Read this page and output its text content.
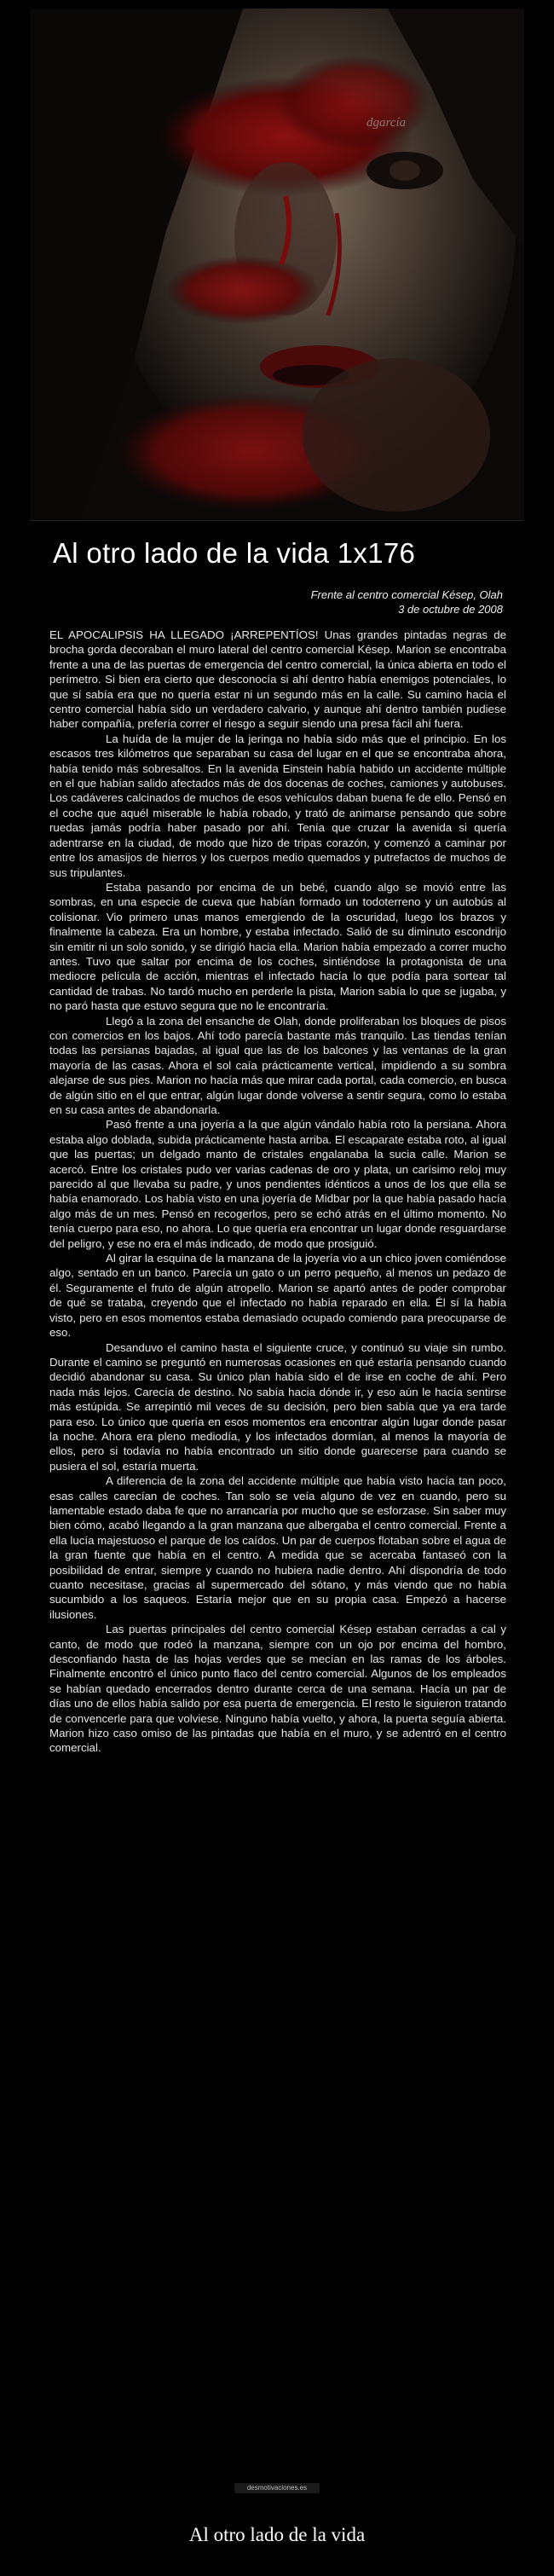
dgarcía
Al otro lado de la vida 1x176
Frente al centro comercial Késep, Olah
3 de octubre de 2008

EL APOCALIPSIS HA LLEGADO ¡ARREPENTÍOS! Unas grandes pintadas negras de brocha gorda decoraban el muro lateral del centro comercial Késep. Marion se encontraba frente a una de las puertas de emergencia del centro comercial, la única abierta en todo el perímetro. Si bien era cierto que desconocía si ahí dentro había enemigos potenciales, lo que sí sabía era que no quería estar ni un segundo más en la calle. Su camino hacia el centro comercial había sido un verdadero calvario, y aunque ahí dentro también pudiese haber compañía, prefería correr el riesgo a seguir siendo una presa fácil ahí fuera.

La huída de la mujer de la jeringa no había sido más que el principio. En los escasos tres kilómetros que separaban su casa del lugar en el que se encontraba ahora, había tenido más sobresaltos. En la avenida Einstein había habido un accidente múltiple en el que habían salido afectados más de dos docenas de coches, camiones y autobuses. Los cadáveres calcinados de muchos de esos vehículos daban buena fe de ello. Pensó en el coche que aquél miserable le había robado, y trató de animarse pensando que sobre ruedas jamás podría haber pasado por ahí. Tenía que cruzar la avenida si quería adentrarse en la ciudad, de modo que hizo de tripas corazón, y comenzó a caminar por entre los amasijos de hierros y los cuerpos medio quemados y putrefactos de muchos de sus tripulantes.

Estaba pasando por encima de un bebé, cuando algo se movió entre las sombras, en una especie de cueva que habían formado un todoterreno y un autobús al colisionar. Vio primero unas manos emergiendo de la oscuridad, luego los brazos y finalmente la cabeza. Era un hombre, y estaba infectado. Salió de su diminuto escondrijo sin emitir ni un solo sonido, y se dirigió hacia ella. Marion había empezado a correr mucho antes. Tuvo que saltar por encima de los coches, sintiéndose la protagonista de una mediocre película de acción, mientras el infectado hacía lo que podía para sortear tal cantidad de trabas. No tardó mucho en perderle la pista, Marion sabía lo que se jugaba, y no paró hasta que estuvo segura que no le encontraría.

Llegó a la zona del ensanche de Olah, donde proliferaban los bloques de pisos con comercios en los bajos. Ahí todo parecía bastante más tranquilo. Las tiendas tenían todas las persianas bajadas, al igual que las de los balcones y las ventanas de la gran mayoría de las casas. Ahora el sol caía prácticamente vertical, impidiendo a su sombra alejarse de sus pies. Marion no hacía más que mirar cada portal, cada comercio, en busca de algún sitio en el que entrar, algún lugar donde volverse a sentir segura, como lo estaba en su casa antes de abandonarla.

Pasó frente a una joyería a la que algún vándalo había roto la persiana. Ahora estaba algo doblada, subida prácticamente hasta arriba. El escaparate estaba roto, al igual que las puertas; un delgado manto de cristales engalanaba la sucia calle. Marion se acercó. Entre los cristales pudo ver varias cadenas de oro y plata, un carísimo reloj muy parecido al que llevaba su padre, y unos pendientes idénticos a unos de los que ella se había enamorado. Los había visto en una joyería de Midbar por la que había pasado hacía algo más de un mes. Pensó en recogerlos, pero se echó atrás en el último momento. No tenía cuerpo para eso, no ahora. Lo que quería era encontrar un lugar donde resguardarse del peligro, y ese no era el más indicado, de modo que prosiguió.

Al girar la esquina de la manzana de la joyería vio a un chico joven comiéndose algo, sentado en un banco. Parecía un gato o un perro pequeño, al menos un pedazo de él. Seguramente el fruto de algún atropello. Marion se apartó antes de poder comprobar de qué se trataba, creyendo que el infectado no había reparado en ella. Él sí la había visto, pero en esos momentos estaba demasiado ocupado comiendo para preocuparse de eso.

Desanduvo el camino hasta el siguiente cruce, y continuó su viaje sin rumbo. Durante el camino se preguntó en numerosas ocasiones en qué estaría pensando cuando decidió abandonar su casa. Su único plan había sido el de irse en coche de ahí. Pero nada más lejos. Carecía de destino. No sabía hacia dónde ir, y eso aún le hacía sentirse más estúpida. Se arrepintió mil veces de su decisión, pero bien sabía que ya era tarde para eso. Lo único que quería en esos momentos era encontrar algún lugar donde pasar la noche. Ahora era pleno mediodía, y los infectados dormían, al menos la mayoría de ellos, pero si todavía no había encontrado un sitio donde guarecerse para cuando se pusiera el sol, estaría muerta.

A diferencia de la zona del accidente múltiple que había visto hacía tan poco, esas calles carecían de coches. Tan solo se veía alguno de vez en cuando, pero su lamentable estado daba fe que no arrancaría por mucho que se esforzase. Sin saber muy bien cómo, acabó llegando a la gran manzana que albergaba el centro comercial. Frente a ella lucía majestuoso el parque de los caídos. Un par de cuerpos flotaban sobre el agua de la gran fuente que había en el centro. A medida que se acercaba fantaseó con la posibilidad de entrar, siempre y cuando no hubiera nadie dentro. Ahí dispondría de todo cuanto necesitase, gracias al supermercado del sótano, y más viendo que no había sucumbido a los saqueos. Estaría mejor que en su propia casa. Empezó a hacerse ilusiones.

Las puertas principales del centro comercial Késep estaban cerradas a cal y canto, de modo que rodeó la manzana, siempre con un ojo por encima del hombro, desconfiando hasta de las hojas verdes que se mecían en las ramas de los árboles. Finalmente encontró el único punto flaco del centro comercial. Algunos de los empleados se habían quedado encerrados dentro durante cerca de una semana. Hacía un par de días uno de ellos había salido por esa puerta de emergencia. El resto le siguieron tratando de convencerle para que volviese. Ninguno había vuelto, y ahora, la puerta seguía abierta. Marion hizo caso omiso de las pintadas que había en el muro, y se adentró en el centro comercial.

desmotivaciones.es
Al otro lado de la vida
